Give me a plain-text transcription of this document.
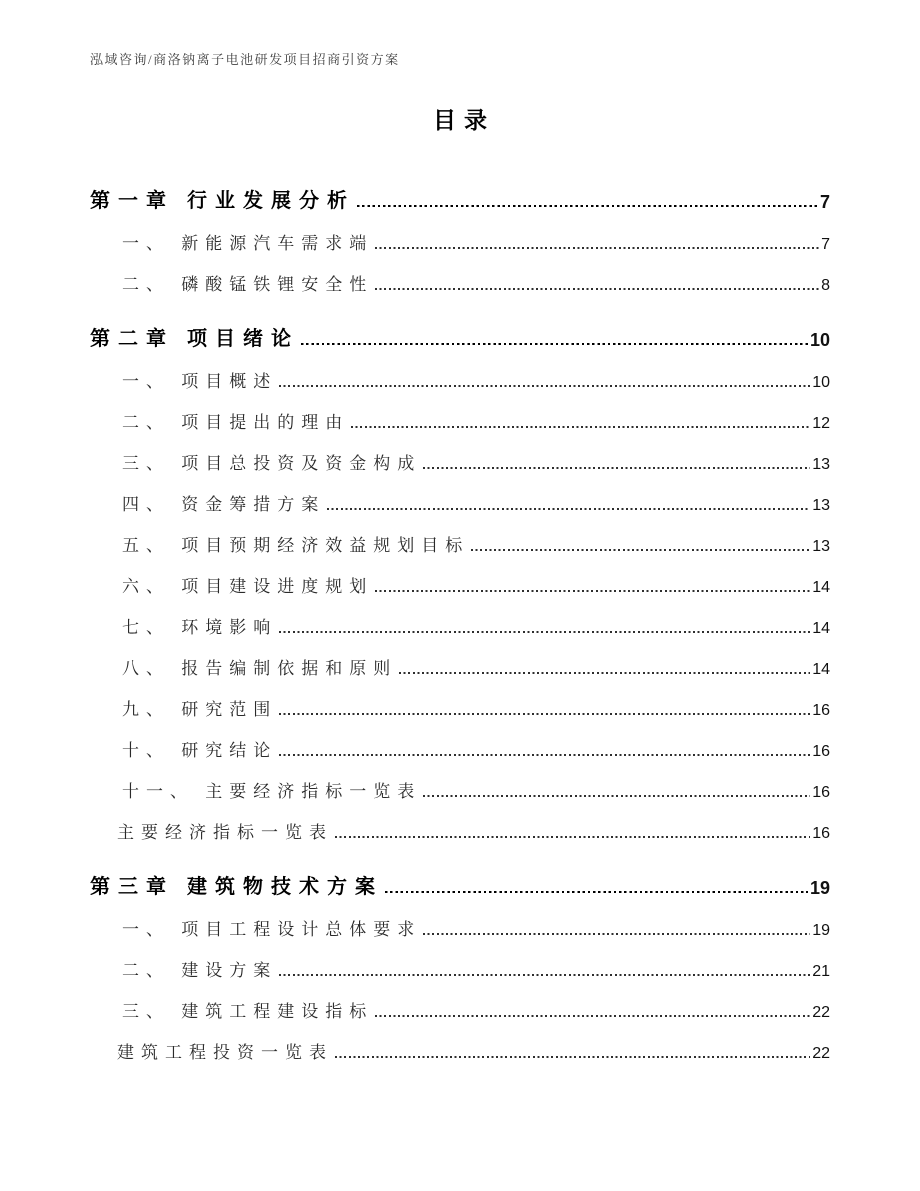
泓域咨询/商洛钠离子电池研发项目招商引资方案
目录
第一章 行业发展分析	7
一、 新能源汽车需求端	7
二、 磷酸锰铁锂安全性	8
第二章 项目绪论	10
一、 项目概述	10
二、 项目提出的理由	12
三、 项目总投资及资金构成	13
四、 资金筹措方案	13
五、 项目预期经济效益规划目标	13
六、 项目建设进度规划	14
七、 环境影响	14
八、 报告编制依据和原则	14
九、 研究范围	16
十、 研究结论	16
十一、 主要经济指标一览表	16
主要经济指标一览表	16
第三章 建筑物技术方案	19
一、 项目工程设计总体要求	19
二、 建设方案	21
三、 建筑工程建设指标	22
建筑工程投资一览表	22
